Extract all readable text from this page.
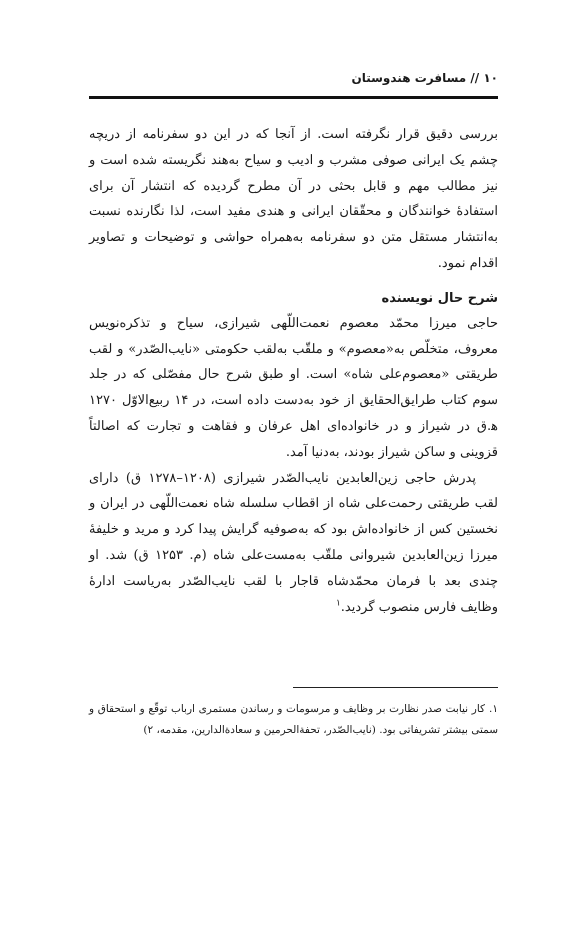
۱۰ // مسافرت هندوستان

بررسی دقیق قرار نگرفته است. از آنجا که در این دو سفرنامه از دریچه چشم یک ایرانی صوفی مشرب و ادیب و سیاح به‌هند نگریسته شده است و نیز مطالب مهم و قابل بحثی در آن مطرح گردیده که انتشار آن برای استفادهٔ خوانندگان و محقّقان ایرانی و هندی مفید است، لذا نگارنده نسبت به‌انتشار مستقل متن دو سفرنامه به‌همراه حواشی و توضیحات و تصاویر اقدام نمود.

شرح حال نویسنده

حاجی میرزا محمّد معصوم نعمت‌اللّهی شیرازی، سیاح و تذکره‌نویس معروف، متخلّص به‌«معصوم» و ملقّب به‌لقب حکومتی «نایب‌الصّدر» و لقب طریقتی «معصوم‌علی شاه» است. او طبق شرح حال مفصّلی که در جلد سوم کتاب طرایق‌الحقایق از خود به‌دست داده است، در ۱۴ ربیع‌الاوّل ۱۲۷۰ ه‍.ق در شیراز و در خانواده‌ای اهل عرفان و فقاهت و تجارت که اصالتاً قزوینی و ساکن شیراز بودند، به‌دنیا آمد.

پدرش حاجی زین‌العابدین نایب‌الصّدر شیرازی (۱۲۰۸–۱۲۷۸ ق) دارای لقب طریقتی رحمت‌علی شاه از اقطاب سلسله شاه نعمت‌اللّهی در ایران و نخستین کس از خانواده‌اش بود که به‌صوفیه گرایش پیدا کرد و مرید و خلیفهٔ میرزا زین‌العابدین شیروانی ملقّب به‌مست‌علی شاه (م. ۱۲۵۳ ق) شد. او چندی بعد با فرمان محمّدشاه قاجار با لقب نایب‌الصّدر به‌ریاست ادارهٔ وظایف فارس منصوب گردید.$^۱$

۱.کار نیابت صدر نظارت بر وظایف و مرسومات و رساندن مستمری ارباب توقّع و استحقاق و سمتی بیشتر تشریفاتی بود. (نایب‌الصّدر، تحفة‌الحرمین و سعادة‌الدارین، مقدمه، ۲)
